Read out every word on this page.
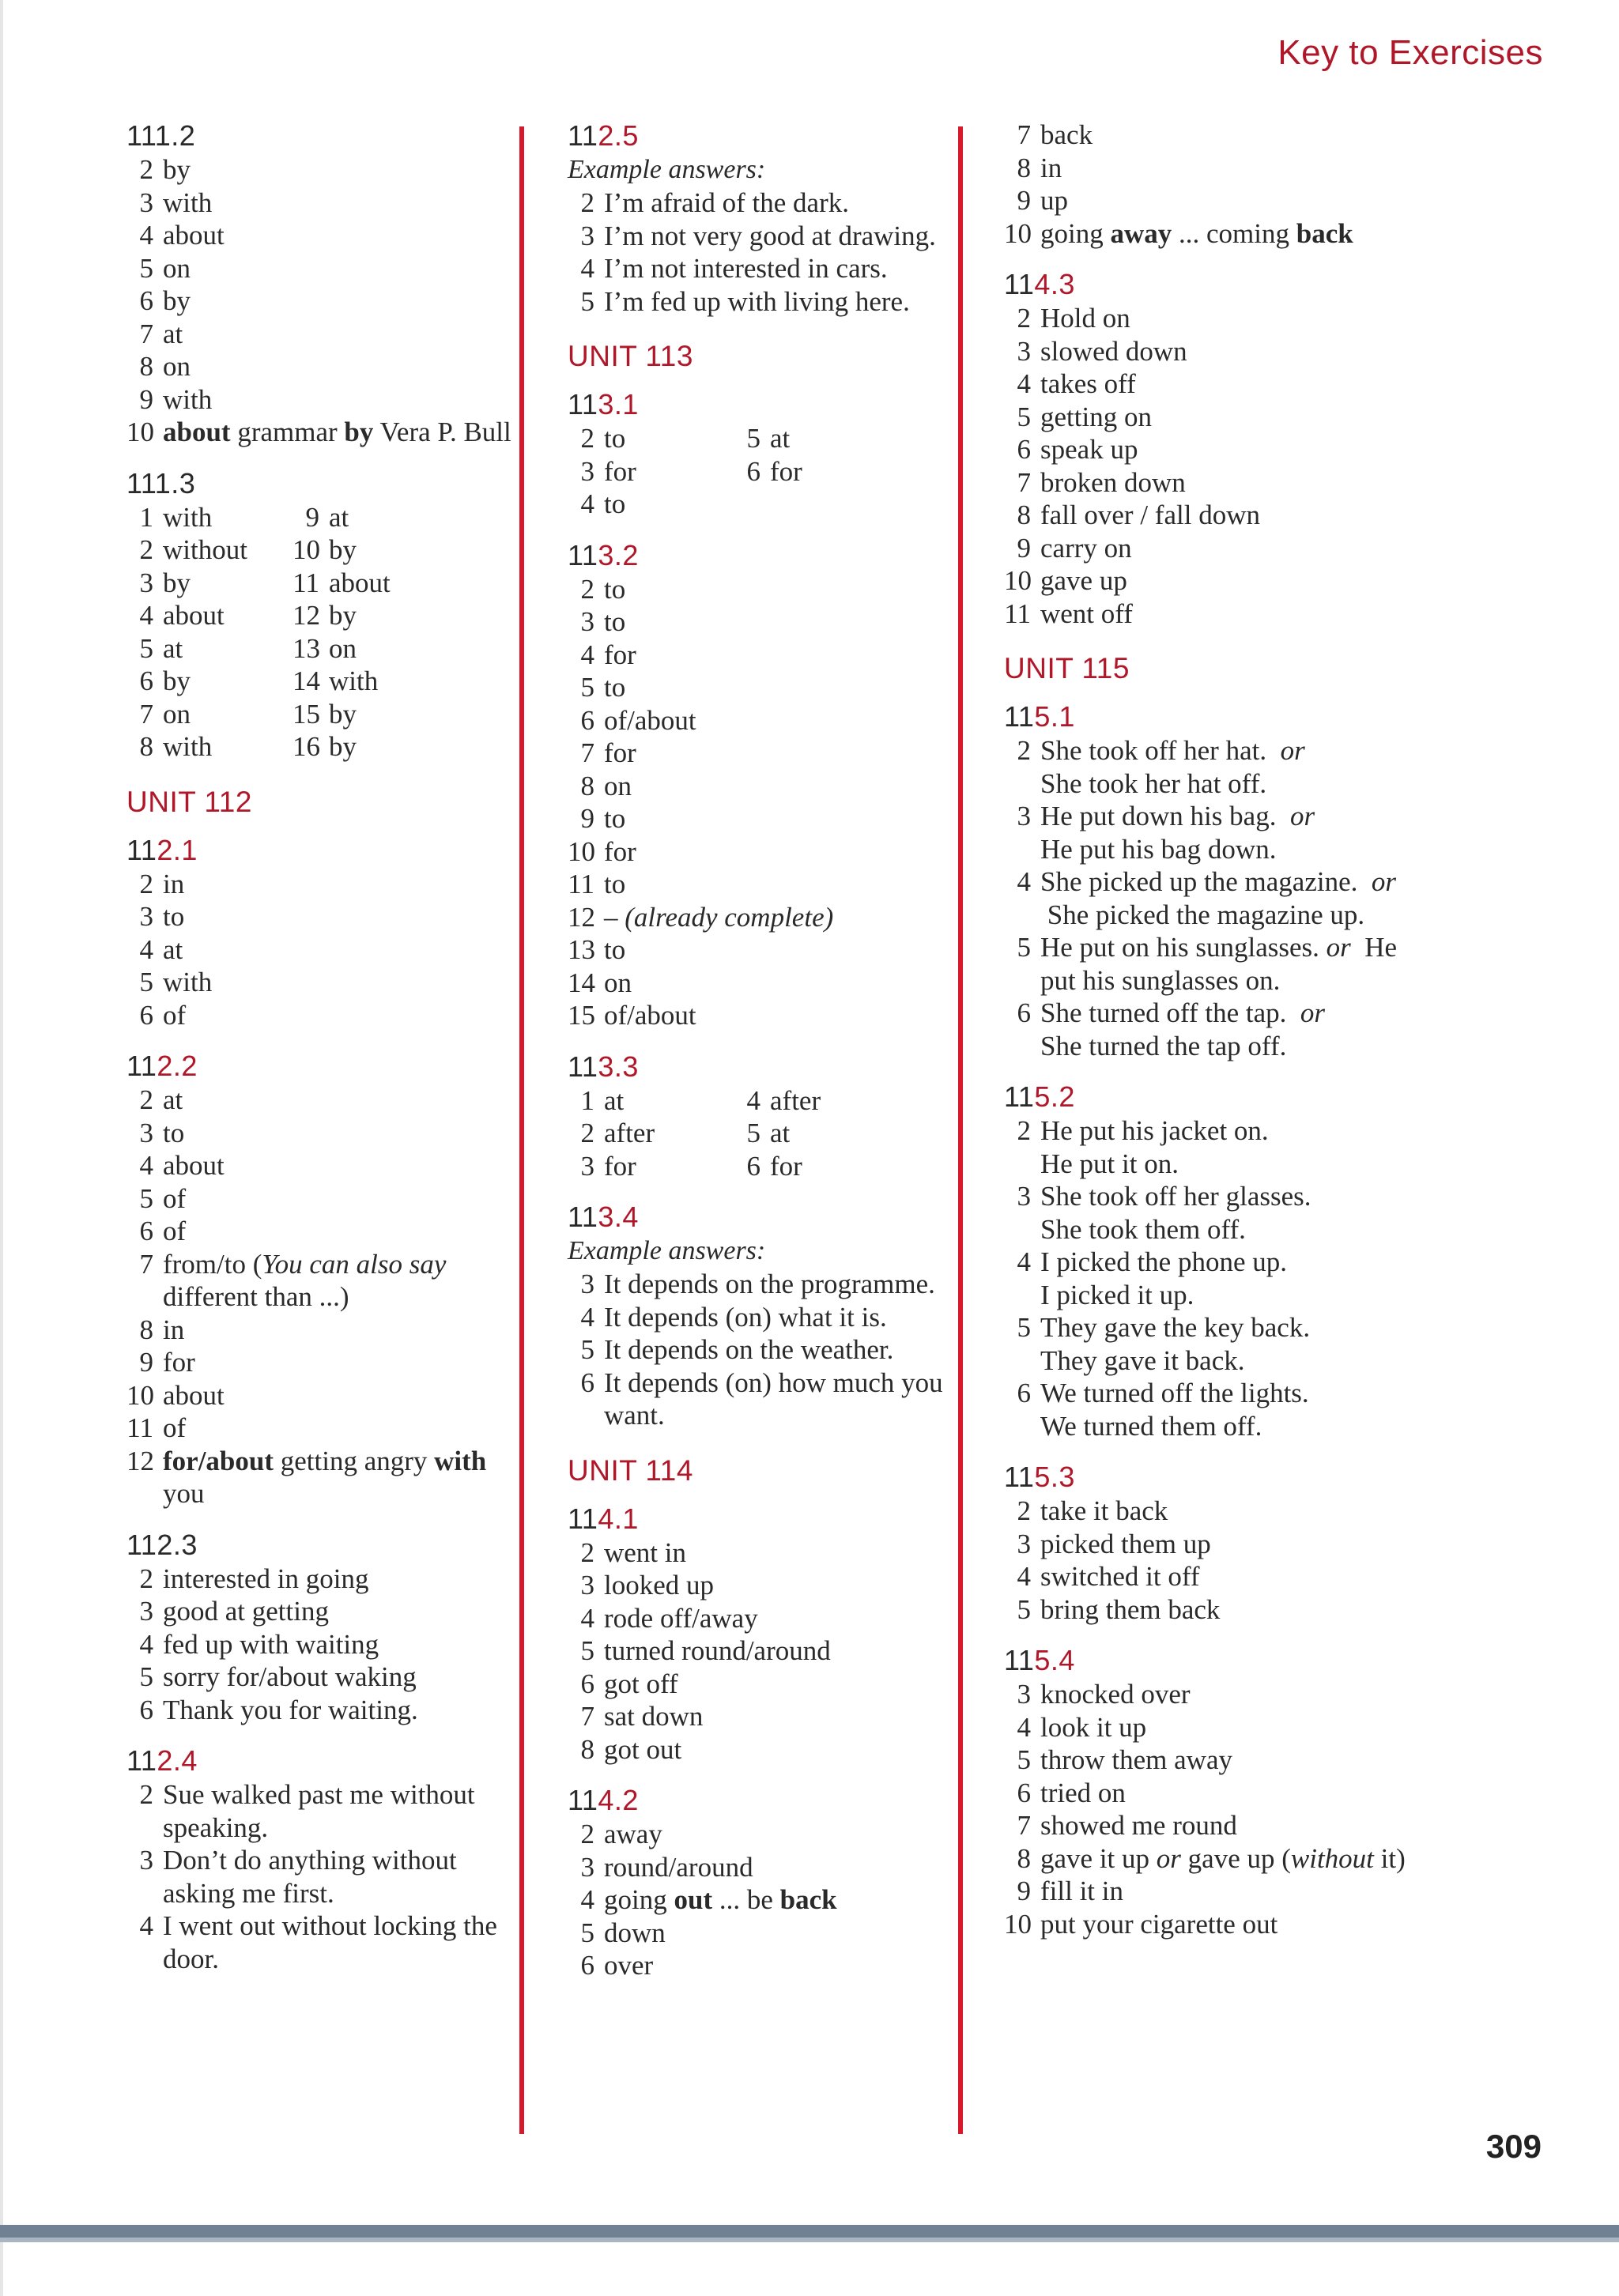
Key to Exercises
111.2
2 by
3 with
4 about
5 on
6 by
7 at
8 on
9 with
10 about grammar by Vera P. Bull
111.3
1 with
2 without
3 by
4 about
5 at
6 by
7 on
8 with
9 at
10 by
11 about
12 by
13 on
14 with
15 by
16 by
UNIT 112
112.1
2 in
3 to
4 at
5 with
6 of
112.2
2 at
3 to
4 about
5 of
6 of
7 from/to (You can also say different than ...)
8 in
9 for
10 about
11 of
12 for/about getting angry with you
112.3
2 interested in going
3 good at getting
4 fed up with waiting
5 sorry for/about waking
6 Thank you for waiting.
112.4
2 Sue walked past me without speaking.
3 Don’t do anything without asking me first.
4 I went out without locking the door.
112.5
Example answers:
2 I’m afraid of the dark.
3 I’m not very good at drawing.
4 I’m not interested in cars.
5 I’m fed up with living here.
UNIT 113
113.1
2 to
3 for
4 to
5 at
6 for
113.2
2 to
3 to
4 for
5 to
6 of/about
7 for
8 on
9 to
10 for
11 to
12 – (already complete)
13 to
14 on
15 of/about
113.3
1 at
2 after
3 for
4 after
5 at
6 for
113.4
Example answers:
3 It depends on the programme.
4 It depends (on) what it is.
5 It depends on the weather.
6 It depends (on) how much you want.
UNIT 114
114.1
2 went in
3 looked up
4 rode off/away
5 turned round/around
6 got off
7 sat down
8 got out
114.2
2 away
3 round/around
4 going out ... be back
5 down
6 over
7 back
8 in
9 up
10 going away ... coming back
114.3
2 Hold on
3 slowed down
4 takes off
5 getting on
6 speak up
7 broken down
8 fall over / fall down
9 carry on
10 gave up
11 went off
UNIT 115
115.1
2 She took off her hat.  or
She took her hat off.
3 He put down his bag.  or
He put his bag down.
4 She picked up the magazine.  or  She picked the magazine up.
5 He put on his sunglasses. or  He put his sunglasses on.
6 She turned off the tap.  or
She turned the tap off.
115.2
2 He put his jacket on.
He put it on.
3 She took off her glasses.
She took them off.
4 I picked the phone up.
I picked it up.
5 They gave the key back.
They gave it back.
6 We turned off the lights.
We turned them off.
115.3
2 take it back
3 picked them up
4 switched it off
5 bring them back
115.4
3 knocked over
4 look it up
5 throw them away
6 tried on
7 showed me round
8 gave it up or gave up (without it)
9 fill it in
10 put your cigarette out
309
